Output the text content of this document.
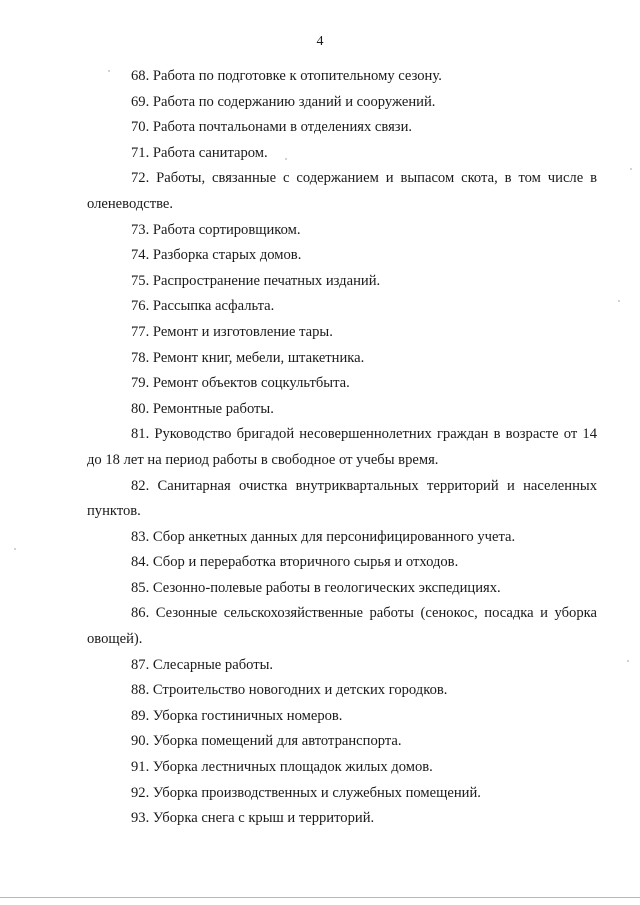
4

68. Работа по подготовке к отопительному сезону.

69. Работа по содержанию зданий и сооружений.

70. Работа почтальонами в отделениях связи.

71. Работа санитаром.

72. Работы, связанные с содержанием и выпасом скота, в том числе в оленеводстве.

73. Работа сортировщиком.

74. Разборка старых домов.

75. Распространение печатных изданий.

76. Рассыпка асфальта.

77. Ремонт и изготовление тары.

78. Ремонт книг, мебели, штакетника.

79. Ремонт объектов соцкультбыта.

80. Ремонтные работы.

81. Руководство бригадой несовершеннолетних граждан в возрасте от 14 до 18 лет на период работы в свободное от учебы время.

82. Санитарная очистка внутриквартальных территорий и населенных пунктов.

83. Сбор анкетных данных для персонифицированного учета.

84. Сбор и переработка вторичного сырья и отходов.

85. Сезонно-полевые работы в геологических экспедициях.

86. Сезонные сельскохозяйственные работы (сенокос, посадка и уборка овощей).

87. Слесарные работы.

88. Строительство новогодних и детских городков.

89. Уборка гостиничных номеров.

90. Уборка помещений для автотранспорта.

91. Уборка лестничных площадок жилых домов.

92. Уборка производственных и служебных помещений.

93. Уборка снега с крыш и территорий.
